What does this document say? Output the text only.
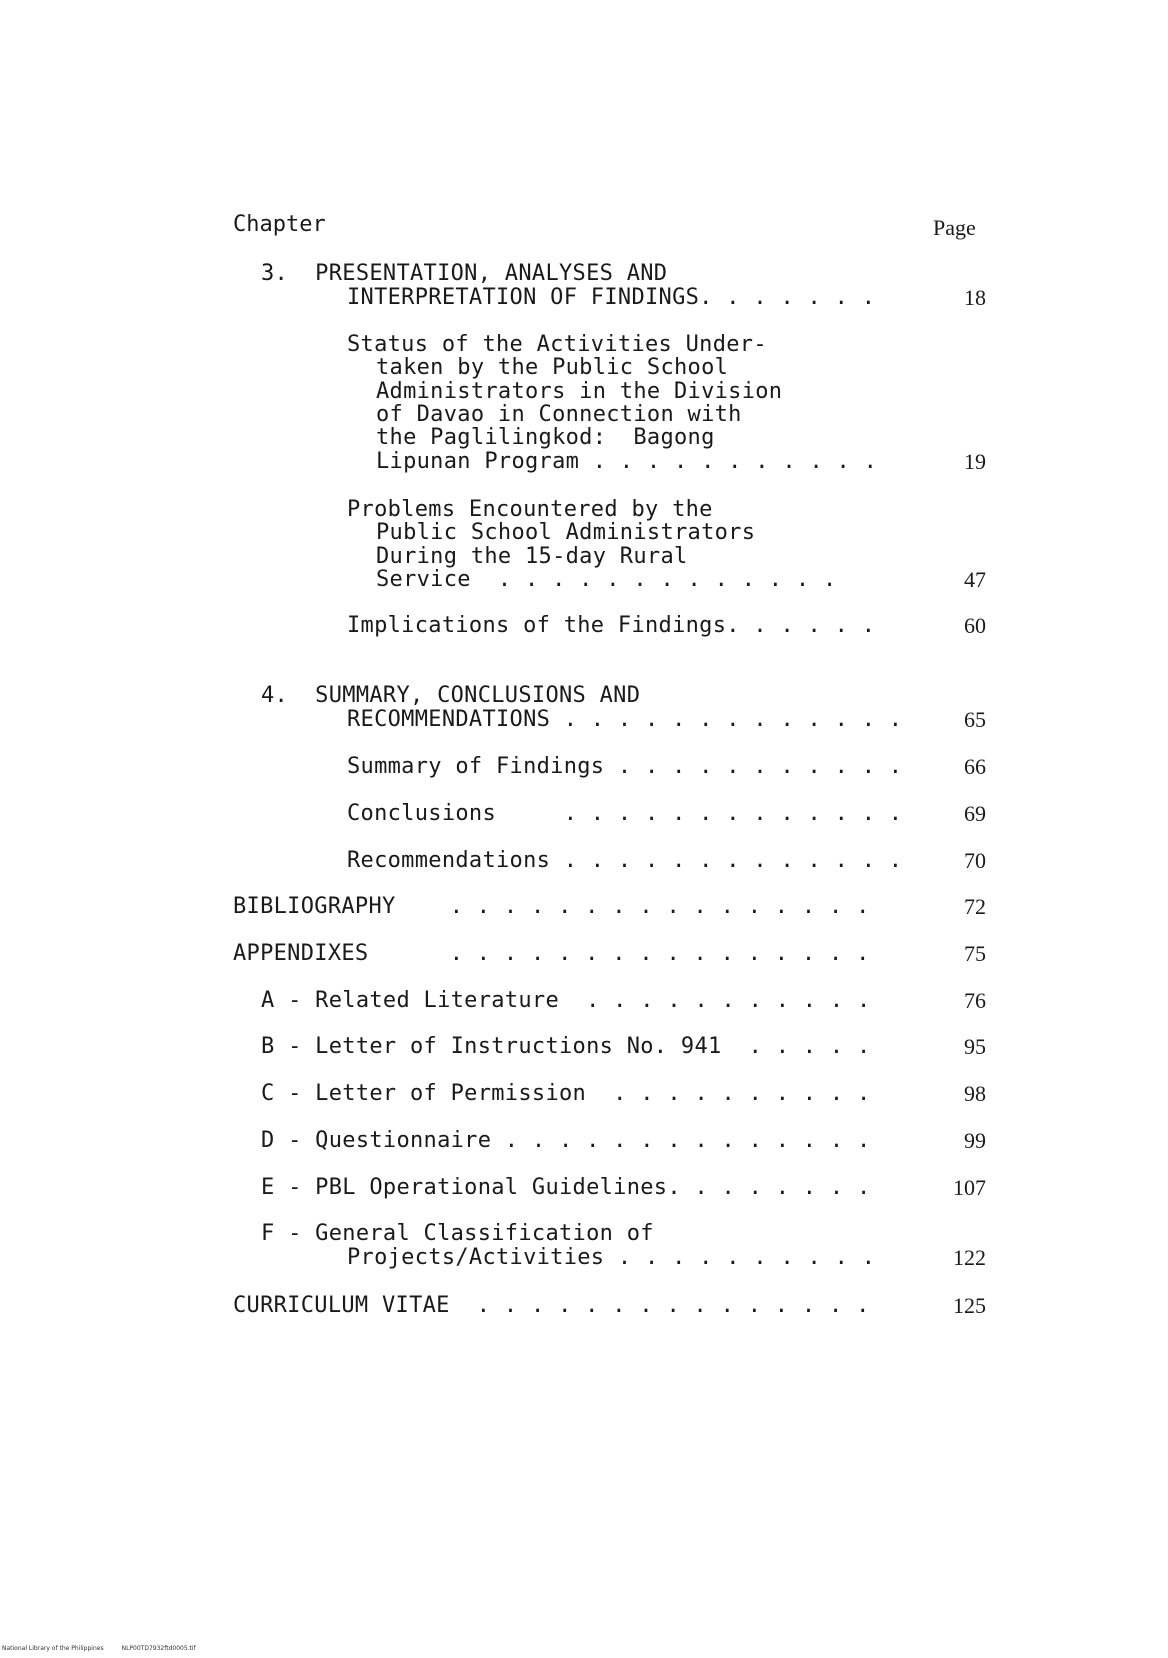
Chapter	Page
3.  PRESENTATION, ANALYSES AND
INTERPRETATION OF FINDINGS. . . . . . .	18
Status of the Activities Under-
taken by the Public School
Administrators in the Division
of Davao in Connection with
the Paglilingkod:  Bagong
Lipunan Program . . . . . . . . . . .	19
Problems Encountered by the
Public School Administrators
During the 15-day Rural
Service  . . . . . . . . . . . . .	47
Implications of the Findings. . . . . .	60
4.  SUMMARY, CONCLUSIONS AND
RECOMMENDATIONS . . . . . . . . . . . . .	65
Summary of Findings . . . . . . . . . . .	66
Conclusions     . . . . . . . . . . . . .	69
Recommendations . . . . . . . . . . . . .	70
BIBLIOGRAPHY    . . . . . . . . . . . . . . . .	72
APPENDIXES      . . . . . . . . . . . . . . . .	75
A - Related Literature  . . . . . . . . . . .	76
B - Letter of Instructions No. 941  . . . . .	95
C - Letter of Permission  . . . . . . . . . .	98
D - Questionnaire . . . . . . . . . . . . . .	99
E - PBL Operational Guidelines. . . . . . . .	107
F - General Classification of
Projects/Activities . . . . . . . . . .	122
CURRICULUM VITAE  . . . . . . . . . . . . . . .	125
National Library of the Philippines	NLP00TD7932ftd0005.tif
